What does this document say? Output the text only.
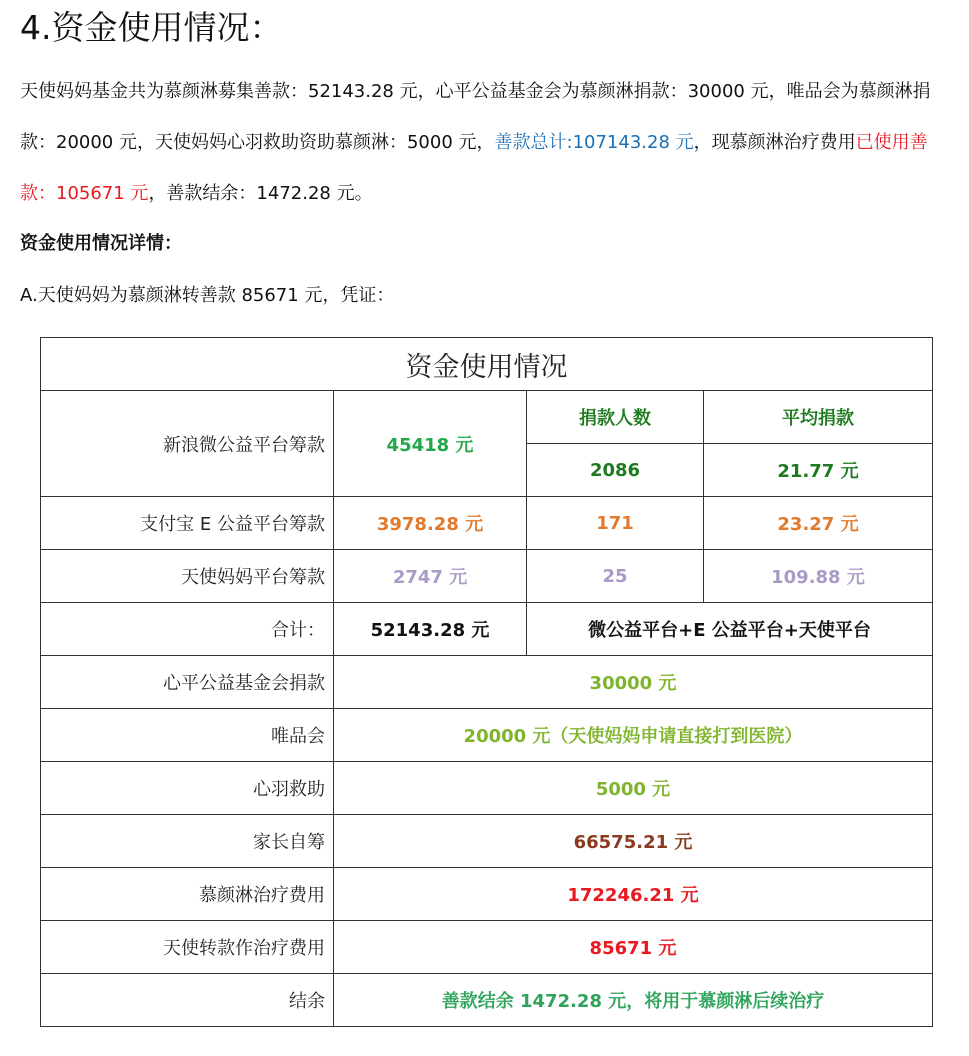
4.资金使用情况：

天使妈妈基金共为慕颜淋募集善款：52143.28 元，心平公益基金会为慕颜淋捐款：30000 元，唯品会为慕颜淋捐款：20000 元，天使妈妈心羽救助资助慕颜淋：5000 元，善款总计:107143.28 元，现慕颜淋治疗费用已使用善款：105671 元，善款结余：1472.28 元。

资金使用情况详情：

A.天使妈妈为慕颜淋转善款 85671 元，凭证：

资金使用情况			
新浪微公益平台筹款	45418 元	捐款人数	平均捐款
		2086	21.77 元
支付宝 E 公益平台筹款	3978.28 元	171	23.27 元
天使妈妈平台筹款	2747 元	25	109.88 元
合计：	52143.28 元	微公益平台+E 公益平台+天使平台	
心平公益基金会捐款	30000 元		
唯品会	20000 元（天使妈妈申请直接打到医院）		
心羽救助	5000 元		
家长自筹	66575.21 元		
慕颜淋治疗费用	172246.21 元		
天使转款作治疗费用	85671 元		
结余	善款结余 1472.28 元，将用于慕颜淋后续治疗		
